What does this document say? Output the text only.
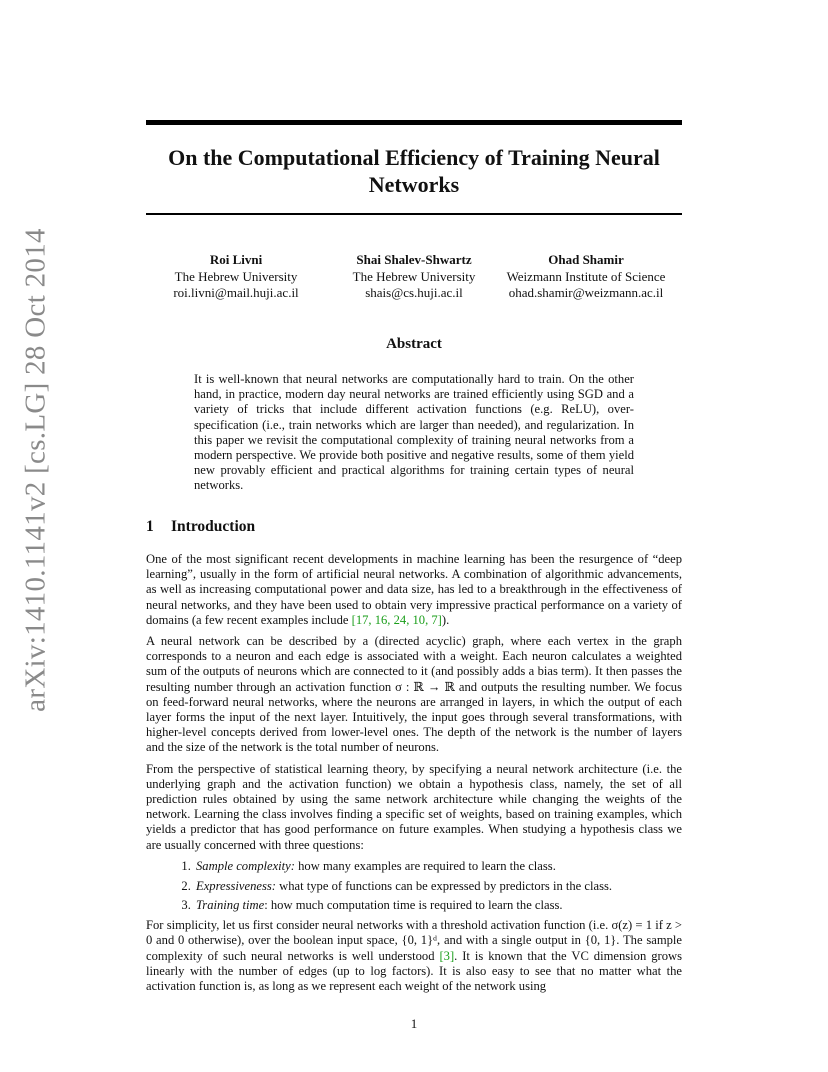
arXiv:1410.1141v2 [cs.LG] 28 Oct 2014
On the Computational Efficiency of Training Neural Networks
Roi Livni
The Hebrew University
roi.livni@mail.huji.ac.il
Shai Shalev-Shwartz
The Hebrew University
shais@cs.huji.ac.il
Ohad Shamir
Weizmann Institute of Science
ohad.shamir@weizmann.ac.il
Abstract

It is well-known that neural networks are computationally hard to train. On the other hand, in practice, modern day neural networks are trained efficiently using SGD and a variety of tricks that include different activation functions (e.g. ReLU), over-specification (i.e., train networks which are larger than needed), and regularization. In this paper we revisit the computational complexity of training neural networks from a modern perspective. We provide both positive and negative results, some of them yield new provably efficient and practical algorithms for training certain types of neural networks.

1 Introduction

One of the most significant recent developments in machine learning has been the resurgence of “deep learning”, usually in the form of artificial neural networks. A combination of algorithmic advancements, as well as increasing computational power and data size, has led to a breakthrough in the effectiveness of neural networks, and they have been used to obtain very impressive practical performance on a variety of domains (a few recent examples include [17, 16, 24, 10, 7]).

A neural network can be described by a (directed acyclic) graph, where each vertex in the graph corresponds to a neuron and each edge is associated with a weight. Each neuron calculates a weighted sum of the outputs of neurons which are connected to it (and possibly adds a bias term). It then passes the resulting number through an activation function σ : ℝ → ℝ and outputs the resulting number. We focus on feed-forward neural networks, where the neurons are arranged in layers, in which the output of each layer forms the input of the next layer. Intuitively, the input goes through several transformations, with higher-level concepts derived from lower-level ones. The depth of the network is the number of layers and the size of the network is the total number of neurons.

From the perspective of statistical learning theory, by specifying a neural network architecture (i.e. the underlying graph and the activation function) we obtain a hypothesis class, namely, the set of all prediction rules obtained by using the same network architecture while changing the weights of the network. Learning the class involves finding a specific set of weights, based on training examples, which yields a predictor that has good performance on future examples. When studying a hypothesis class we are usually concerned with three questions:

1. Sample complexity: how many examples are required to learn the class.
2. Expressiveness: what type of functions can be expressed by predictors in the class.
3. Training time: how much computation time is required to learn the class.

For simplicity, let us first consider neural networks with a threshold activation function (i.e. σ(z) = 1 if z > 0 and 0 otherwise), over the boolean input space, {0, 1}ᵈ, and with a single output in {0, 1}. The sample complexity of such neural networks is well understood [3]. It is known that the VC dimension grows linearly with the number of edges (up to log factors). It is also easy to see that no matter what the activation function is, as long as we represent each weight of the network using

1
